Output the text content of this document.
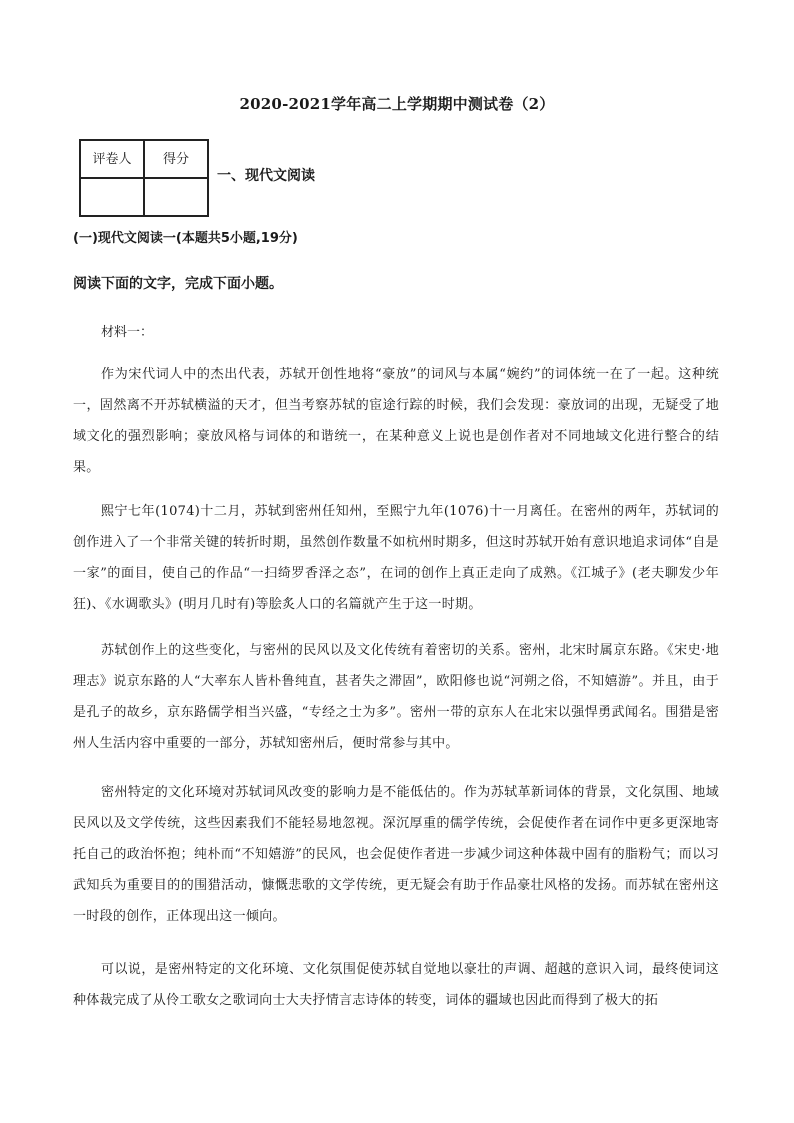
2020-2021学年高二上学期期中测试卷（2）
评卷人	得分

一、现代文阅读
(一)现代文阅读一(本题共5小题,19分)
阅读下面的文字，完成下面小题。
材料一：

作为宋代词人中的杰出代表，苏轼开创性地将“豪放”的词风与本属“婉约”的词体统一在了一起。这种统一，固然离不开苏轼横溢的天才，但当考察苏轼的宦途行踪的时候，我们会发现：豪放词的出现，无疑受了地域文化的强烈影响；豪放风格与词体的和谐统一，在某种意义上说也是创作者对不同地域文化进行整合的结果。

熙宁七年(1074)十二月，苏轼到密州任知州，至熙宁九年(1076)十一月离任。在密州的两年，苏轼词的创作进入了一个非常关键的转折时期，虽然创作数量不如杭州时期多，但这时苏轼开始有意识地追求词体“自是一家”的面目，使自己的作品“一扫绮罗香泽之态”，在词的创作上真正走向了成熟。《江城子》(老夫聊发少年狂)、《水调歌头》(明月几时有)等脍炙人口的名篇就产生于这一时期。

苏轼创作上的这些变化，与密州的民风以及文化传统有着密切的关系。密州，北宋时属京东路。《宋史·地理志》说京东路的人“大率东人皆朴鲁纯直，甚者失之滞固”，欧阳修也说“河朔之俗，不知嬉游”。并且，由于是孔子的故乡，京东路儒学相当兴盛，“专经之士为多”。密州一带的京东人在北宋以强悍勇武闻名。围猎是密州人生活内容中重要的一部分，苏轼知密州后，便时常参与其中。

密州特定的文化环境对苏轼词风改变的影响力是不能低估的。作为苏轼革新词体的背景，文化氛围、地域民风以及文学传统，这些因素我们不能轻易地忽视。深沉厚重的儒学传统，会促使作者在词作中更多更深地寄托自己的政治怀抱；纯朴而“不知嬉游”的民风，也会促使作者进一步减少词这种体裁中固有的脂粉气；而以习武知兵为重要目的的围猎活动，慷慨悲歌的文学传统，更无疑会有助于作品豪壮风格的发扬。而苏轼在密州这一时段的创作，正体现出这一倾向。

可以说，是密州特定的文化环境、文化氛围促使苏轼自觉地以豪壮的声调、超越的意识入词，最终使词这种体裁完成了从伶工歌女之歌词向士大夫抒情言志诗体的转变，词体的疆域也因此而得到了极大的拓
